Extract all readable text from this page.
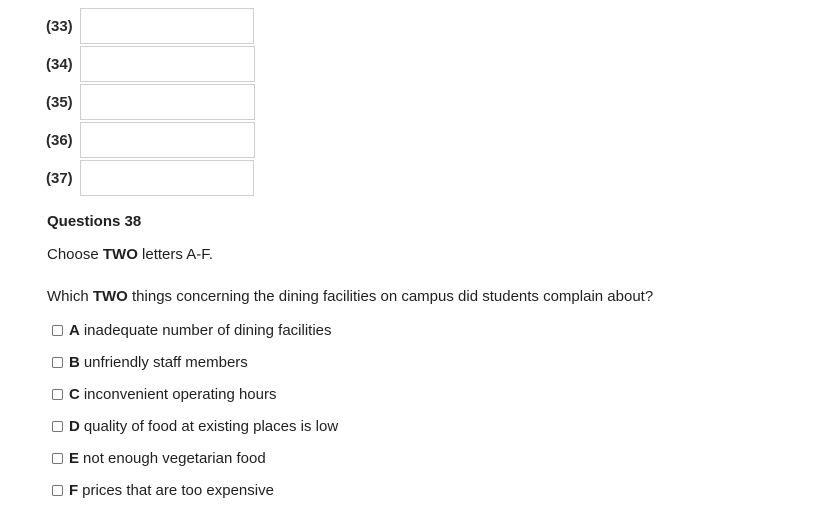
(33)
(34)
(35)
(36)
(37)
Questions 38
Choose TWO letters A-F.
Which TWO things concerning the dining facilities on campus did students complain about?
A inadequate number of dining facilities
B unfriendly staff members
C inconvenient operating hours
D quality of food at existing places is low
E not enough vegetarian food
F prices that are too expensive
